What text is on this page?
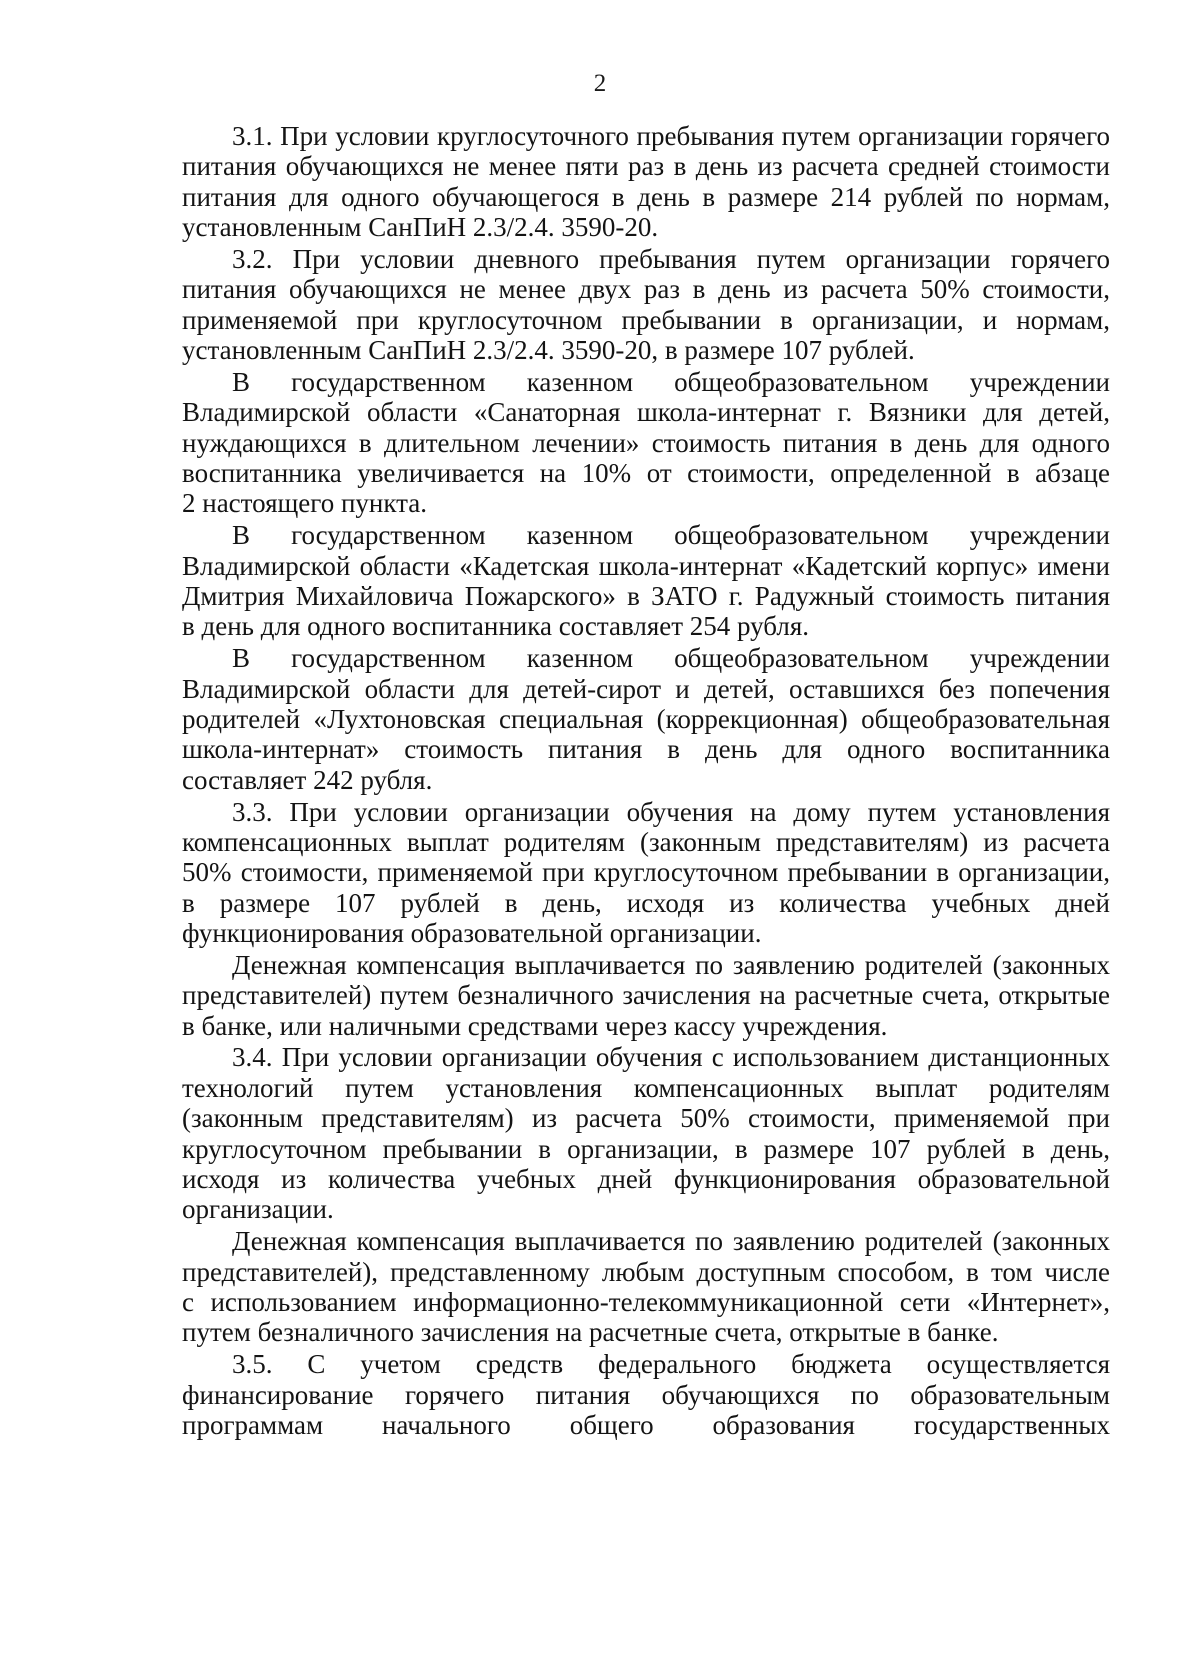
2
3.1. При условии круглосуточного пребывания путем организации горячего
питания обучающихся не менее пяти раз в день из расчета средней стоимости
питания для одного обучающегося в день в размере 214 рублей по нормам,
установленным СанПиН 2.3/2.4. 3590-20.
3.2. При условии дневного пребывания путем организации горячего
питания обучающихся не менее двух раз в день из расчета 50% стоимости,
применяемой при круглосуточном пребывании в организации, и нормам,
установленным СанПиН 2.3/2.4. 3590-20, в размере 107 рублей.
В государственном казенном общеобразовательном учреждении
Владимирской области «Санаторная школа-интернат г. Вязники для детей,
нуждающихся в длительном лечении» стоимость питания в день для одного
воспитанника увеличивается на 10% от стоимости, определенной в абзаце
2 настоящего пункта.
В государственном казенном общеобразовательном учреждении
Владимирской области «Кадетская школа-интернат «Кадетский корпус» имени
Дмитрия Михайловича Пожарского» в ЗАТО г. Радужный стоимость питания
в день для одного воспитанника составляет 254 рубля.
В государственном казенном общеобразовательном учреждении
Владимирской области для детей-сирот и детей, оставшихся без попечения
родителей «Лухтоновская специальная (коррекционная) общеобразовательная
школа-интернат» стоимость питания в день для одного воспитанника
составляет 242 рубля.
3.3. При условии организации обучения на дому путем установления
компенсационных выплат родителям (законным представителям) из расчета
50% стоимости, применяемой при круглосуточном пребывании в организации,
в размере 107 рублей в день, исходя из количества учебных дней
функционирования образовательной организации.
Денежная компенсация выплачивается по заявлению родителей (законных
представителей) путем безналичного зачисления на расчетные счета, открытые
в банке, или наличными средствами через кассу учреждения.
3.4. При условии организации обучения с использованием дистанционных
технологий путем установления компенсационных выплат родителям
(законным представителям) из расчета 50% стоимости, применяемой при
круглосуточном пребывании в организации, в размере 107 рублей в день,
исходя из количества учебных дней функционирования образовательной
организации.
Денежная компенсация выплачивается по заявлению родителей (законных
представителей), представленному любым доступным способом, в том числе
с использованием информационно-телекоммуникационной сети «Интернет»,
путем безналичного зачисления на расчетные счета, открытые в банке.
3.5. С учетом средств федерального бюджета осуществляется
финансирование горячего питания обучающихся по образовательным
программам начального общего образования государственных
